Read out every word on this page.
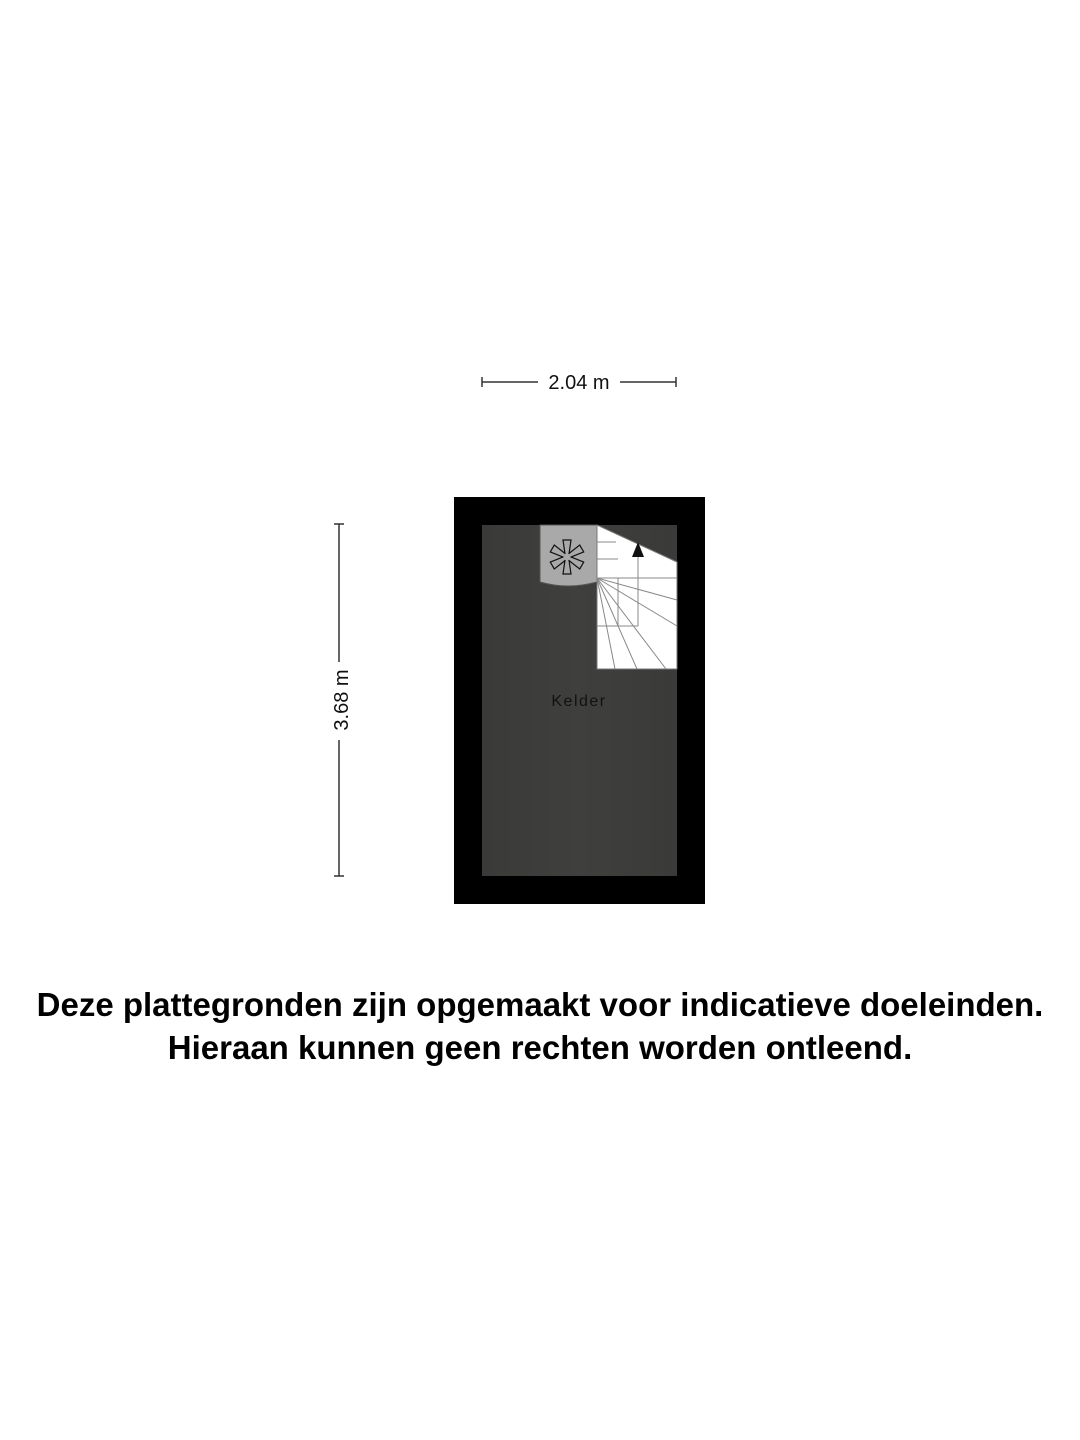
2.04 m
3.68 m	Kelder
Deze plattegronden zijn opgemaakt voor indicatieve doeleinden.
Hieraan kunnen geen rechten worden ontleend.
